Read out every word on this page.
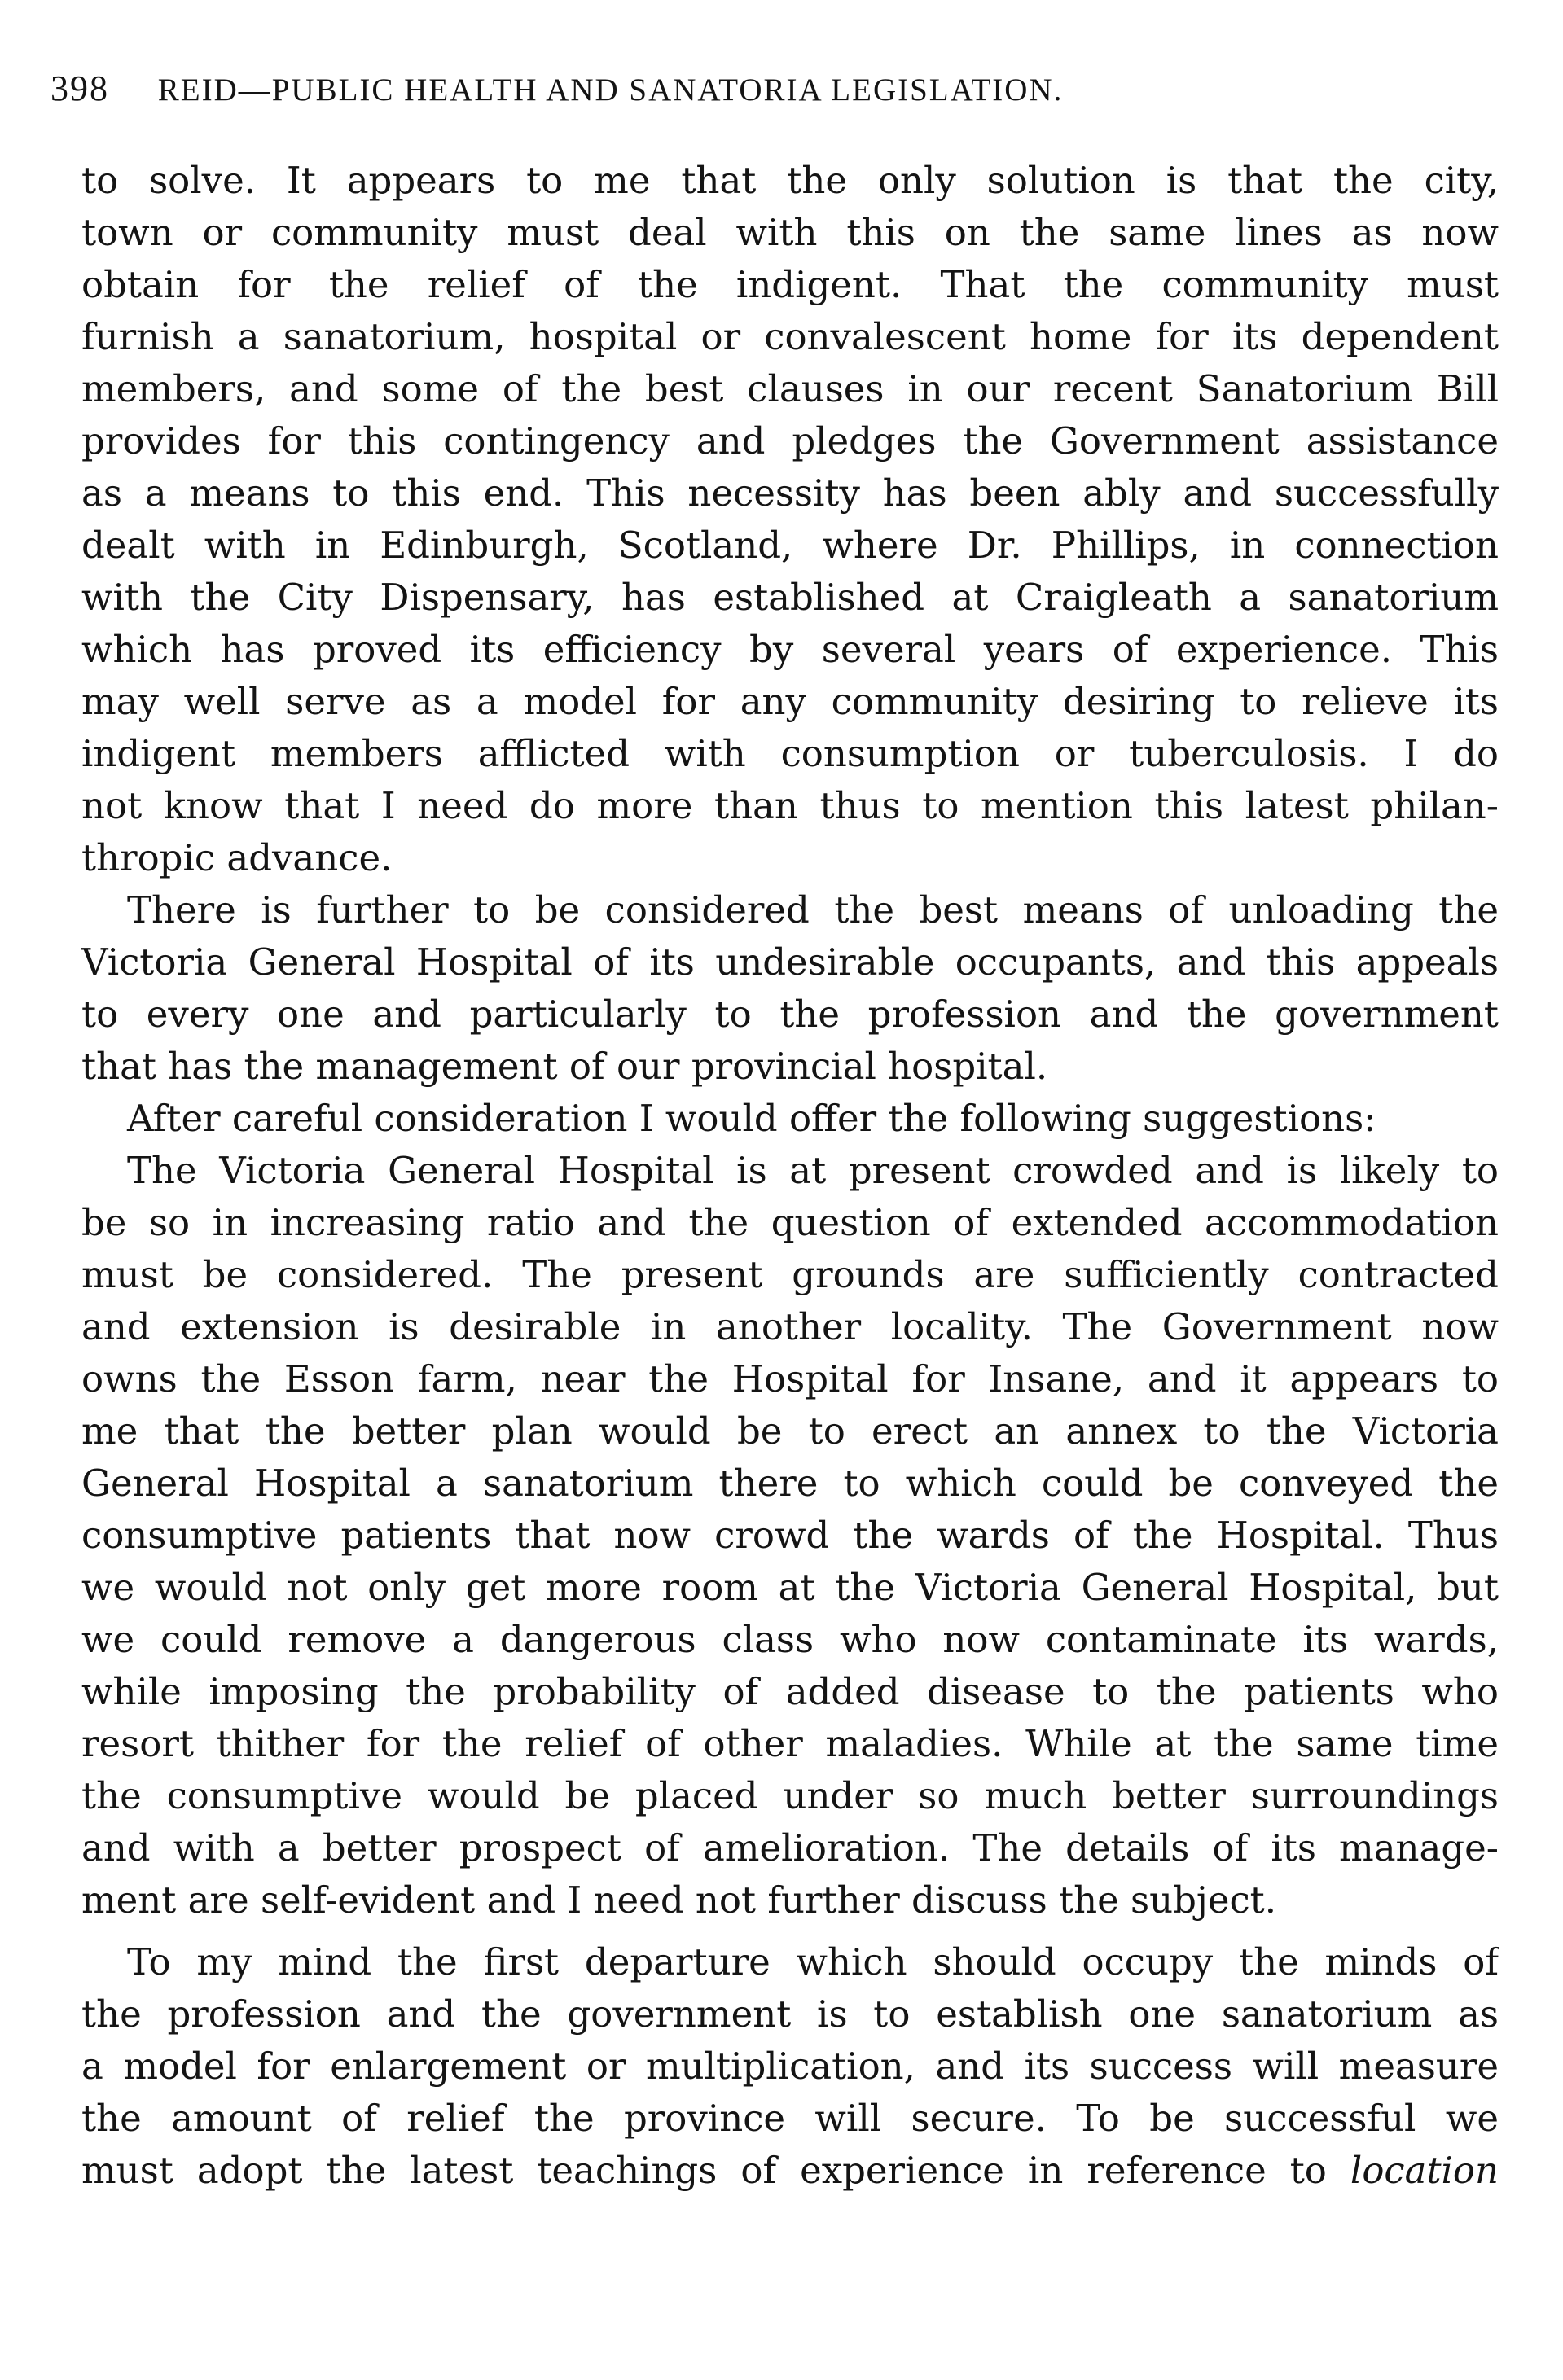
398 REID—PUBLIC HEALTH AND SANATORIA LEGISLATION.
to solve. It appears to me that the only solution is that the city,
town or community must deal with this on the same lines as now
obtain for the relief of the indigent. That the community must
furnish a sanatorium, hospital or convalescent home for its dependent
members, and some of the best clauses in our recent Sanatorium Bill
provides for this contingency and pledges the Government assistance
as a means to this end. This necessity has been ably and successfully
dealt with in Edinburgh, Scotland, where Dr. Phillips, in connection
with the City Dispensary, has established at Craigleath a sanatorium
which has proved its efficiency by several years of experience. This
may well serve as a model for any community desiring to relieve its
indigent members afflicted with consumption or tuberculosis. I do
not know that I need do more than thus to mention this latest philan-
thropic advance.
There is further to be considered the best means of unloading the
Victoria General Hospital of its undesirable occupants, and this appeals
to every one and particularly to the profession and the government
that has the management of our provincial hospital.
After careful consideration I would offer the following suggestions:
The Victoria General Hospital is at present crowded and is likely to
be so in increasing ratio and the question of extended accommodation
must be considered. The present grounds are sufficiently contracted
and extension is desirable in another locality. The Government now
owns the Esson farm, near the Hospital for Insane, and it appears to
me that the better plan would be to erect an annex to the Victoria
General Hospital a sanatorium there to which could be conveyed the
consumptive patients that now crowd the wards of the Hospital. Thus
we would not only get more room at the Victoria General Hospital, but
we could remove a dangerous class who now contaminate its wards,
while imposing the probability of added disease to the patients who
resort thither for the relief of other maladies. While at the same time
the consumptive would be placed under so much better surroundings
and with a better prospect of amelioration. The details of its manage-
ment are self-evident and I need not further discuss the subject.
To my mind the first departure which should occupy the minds of
the profession and the government is to establish one sanatorium as
a model for enlargement or multiplication, and its success will measure
the amount of relief the province will secure. To be successful we
must adopt the latest teachings of experience in reference to location
